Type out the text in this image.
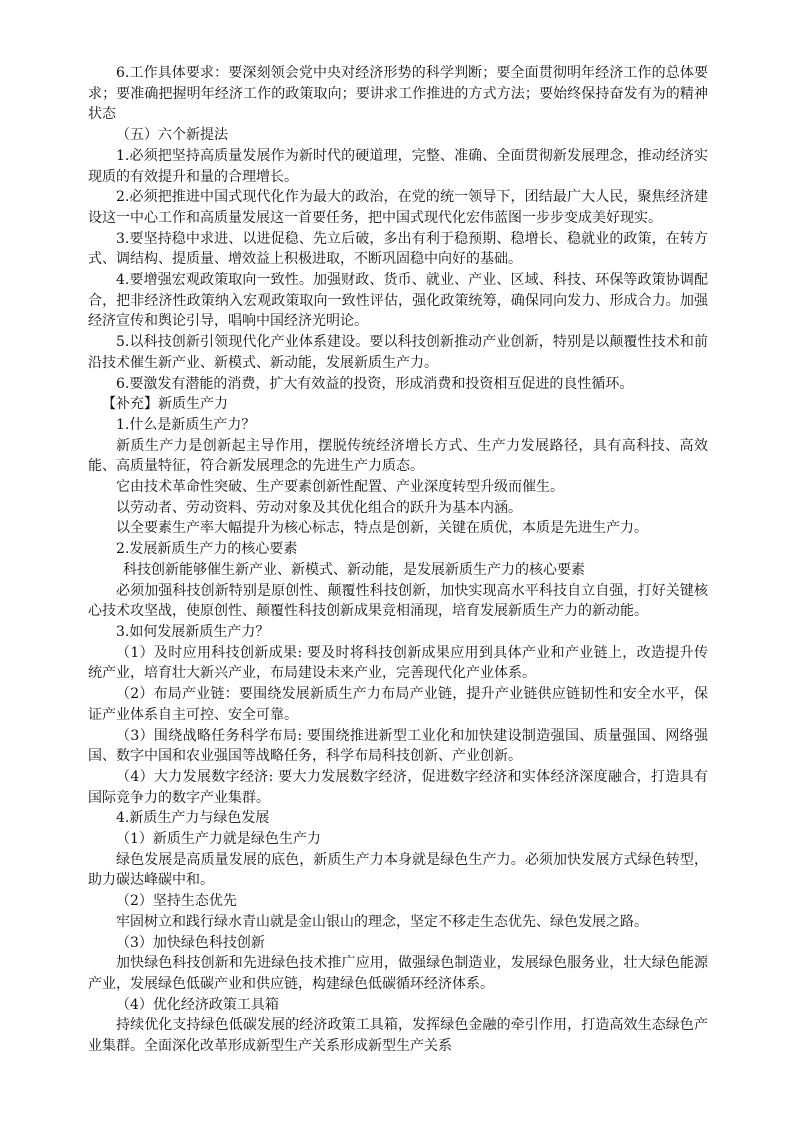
6.工作具体要求：要深刻领会党中央对经济形势的科学判断；要全面贯彻明年经济工作的总体要求；要准确把握明年经济工作的政策取向；要讲求工作推进的方式方法；要始终保持奋发有为的精神状态

（五）六个新提法

1.必须把坚持高质量发展作为新时代的硬道理，完整、准确、全面贯彻新发展理念，推动经济实现质的有效提升和量的合理增长。

2.必须把推进中国式现代化作为最大的政治，在党的统一领导下，团结最广大人民，聚焦经济建设这一中心工作和高质量发展这一首要任务，把中国式现代化宏伟蓝图一步步变成美好现实。

3.要坚持稳中求进、以进促稳、先立后破，多出有利于稳预期、稳增长、稳就业的政策，在转方式、调结构、提质量、增效益上积极进取，不断巩固稳中向好的基础。

4.要增强宏观政策取向一致性。加强财政、货币、就业、产业、区域、科技、环保等政策协调配合，把非经济性政策纳入宏观政策取向一致性评估，强化政策统筹，确保同向发力、形成合力。加强经济宣传和舆论引导，唱响中国经济光明论。

5.以科技创新引领现代化产业体系建设。要以科技创新推动产业创新，特别是以颠覆性技术和前沿技术催生新产业、新模式、新动能，发展新质生产力。

6.要激发有潜能的消费，扩大有效益的投资，形成消费和投资相互促进的良性循环。

【补充】新质生产力

1.什么是新质生产力？

新质生产力是创新起主导作用，摆脱传统经济增长方式、生产力发展路径，具有高科技、高效能、高质量特征，符合新发展理念的先进生产力质态。

它由技术革命性突破、生产要素创新性配置、产业深度转型升级而催生。

以劳动者、劳动资料、劳动对象及其优化组合的跃升为基本内涵。

以全要素生产率大幅提升为核心标志，特点是创新，关键在质优，本质是先进生产力。

2.发展新质生产力的核心要素

科技创新能够催生新产业、新模式、新动能，是发展新质生产力的核心要素

必须加强科技创新特别是原创性、颠覆性科技创新，加快实现高水平科技自立自强，打好关键核心技术攻坚战，使原创性、颠覆性科技创新成果竞相涌现，培育发展新质生产力的新动能。

3.如何发展新质生产力？

（1）及时应用科技创新成果: 要及时将科技创新成果应用到具体产业和产业链上，改造提升传统产业，培育壮大新兴产业，布局建设未来产业，完善现代化产业体系。

（2）布局产业链：要围绕发展新质生产力布局产业链，提升产业链供应链韧性和安全水平，保证产业体系自主可控、安全可靠。

（3）围绕战略任务科学布局: 要围绕推进新型工业化和加快建设制造强国、质量强国、网络强国、数字中国和农业强国等战略任务，科学布局科技创新、产业创新。

（4）大力发展数字经济: 要大力发展数字经济，促进数字经济和实体经济深度融合，打造具有国际竞争力的数字产业集群。

4.新质生产力与绿色发展

（1）新质生产力就是绿色生产力

绿色发展是高质量发展的底色，新质生产力本身就是绿色生产力。必须加快发展方式绿色转型，助力碳达峰碳中和。

（2）坚持生态优先

牢固树立和践行绿水青山就是金山银山的理念，坚定不移走生态优先、绿色发展之路。

（3）加快绿色科技创新

加快绿色科技创新和先进绿色技术推广应用，做强绿色制造业，发展绿色服务业，壮大绿色能源产业，发展绿色低碳产业和供应链，构建绿色低碳循环经济体系。

（4）优化经济政策工具箱

持续优化支持绿色低碳发展的经济政策工具箱，发挥绿色金融的牵引作用，打造高效生态绿色产业集群。全面深化改革形成新型生产关系形成新型生产关系
